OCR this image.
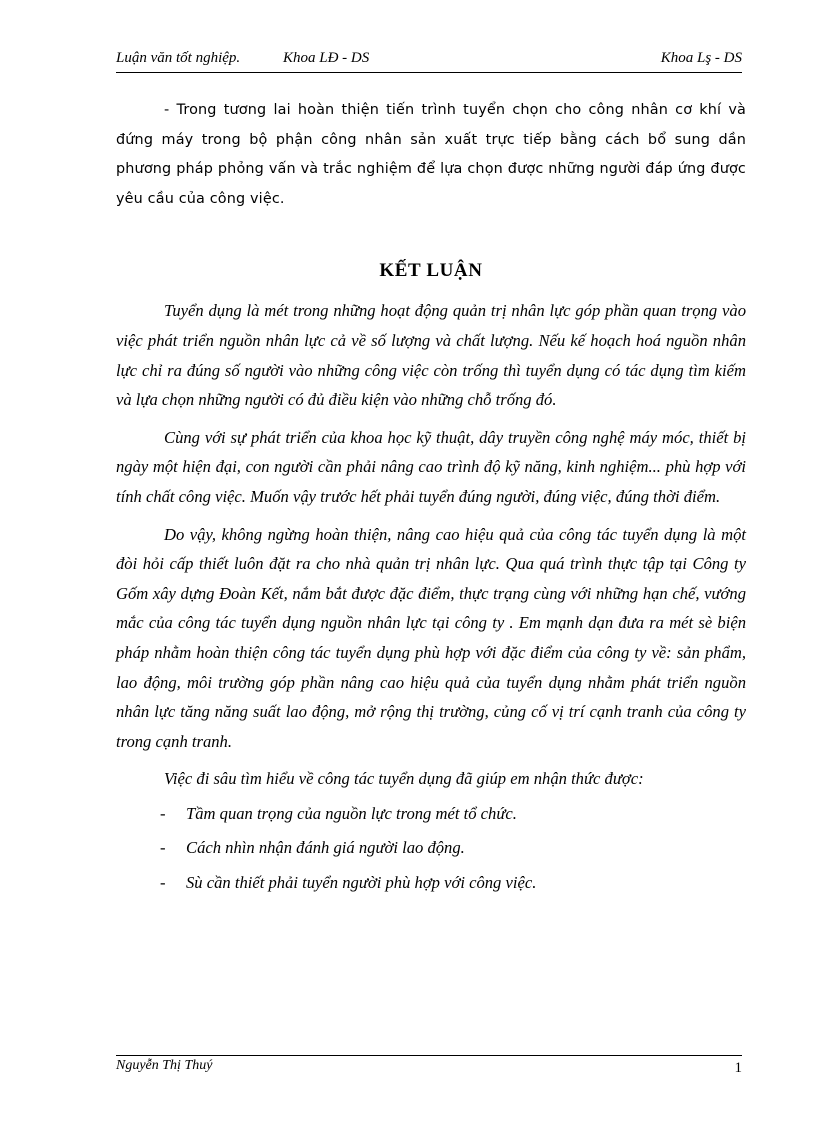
Luận văn tốt nghiệp.	Khoa LĐ - DS	Khoa Lş - DS

- Trong tương lai hoàn thiện tiến trình tuyển chọn cho công nhân cơ khí và đứng máy trong bộ phận công nhân sản xuất trực tiếp bằng cách bổ sung dần phương pháp phỏng vấn và trắc nghiệm để lựa chọn được những người đáp ứng được yêu cầu của công việc.

KẾT LUẬN

Tuyển dụng là mét trong những hoạt động quản trị nhân lực góp phần quan trọng vào việc phát triển nguồn nhân lực cả về số lượng và chất lượng. Nếu kế hoạch hoá nguồn nhân lực chỉ ra đúng số người vào những công việc còn trống thì tuyển dụng có tác dụng tìm kiếm và lựa chọn những người có đủ điều kiện vào những chỗ trống đó.

Cùng với sự phát triển của khoa học kỹ thuật, dây truyền công nghệ máy móc, thiết bị ngày một hiện đại, con người cần phải nâng cao trình độ kỹ năng, kinh nghiệm... phù hợp với tính chất công việc. Muốn vậy trước hết phải tuyển đúng người, đúng việc, đúng thời điểm.

Do vậy, không ngừng hoàn thiện, nâng cao hiệu quả của công tác tuyển dụng là một đòi hỏi cấp thiết luôn đặt ra cho nhà quản trị nhân lực. Qua quá trình thực tập tại Công ty Gốm xây dựng Đoàn Kết, nắm bắt được đặc điểm, thực trạng cùng với những hạn chế, vướng mắc của công tác tuyển dụng nguồn nhân lực tại công ty . Em mạnh dạn đưa ra mét sè biện pháp nhằm hoàn thiện công tác tuyển dụng phù hợp với đặc điểm của công ty về: sản phẩm, lao động, môi trường góp phần nâng cao hiệu quả của tuyển dụng nhằm phát triển nguồn nhân lực tăng năng suất lao động, mở rộng thị trường, củng cố vị trí cạnh tranh của công ty trong cạnh tranh.

Việc đi sâu tìm hiểu về công tác tuyển dụng đã giúp em nhận thức được:

-	Tầm quan trọng của nguồn lực trong mét tổ chức.
-	Cách nhìn nhận đánh giá người lao động.
-	Sù cần thiết phải tuyển người phù hợp với công việc.
Nguyễn Thị Thuý	1
